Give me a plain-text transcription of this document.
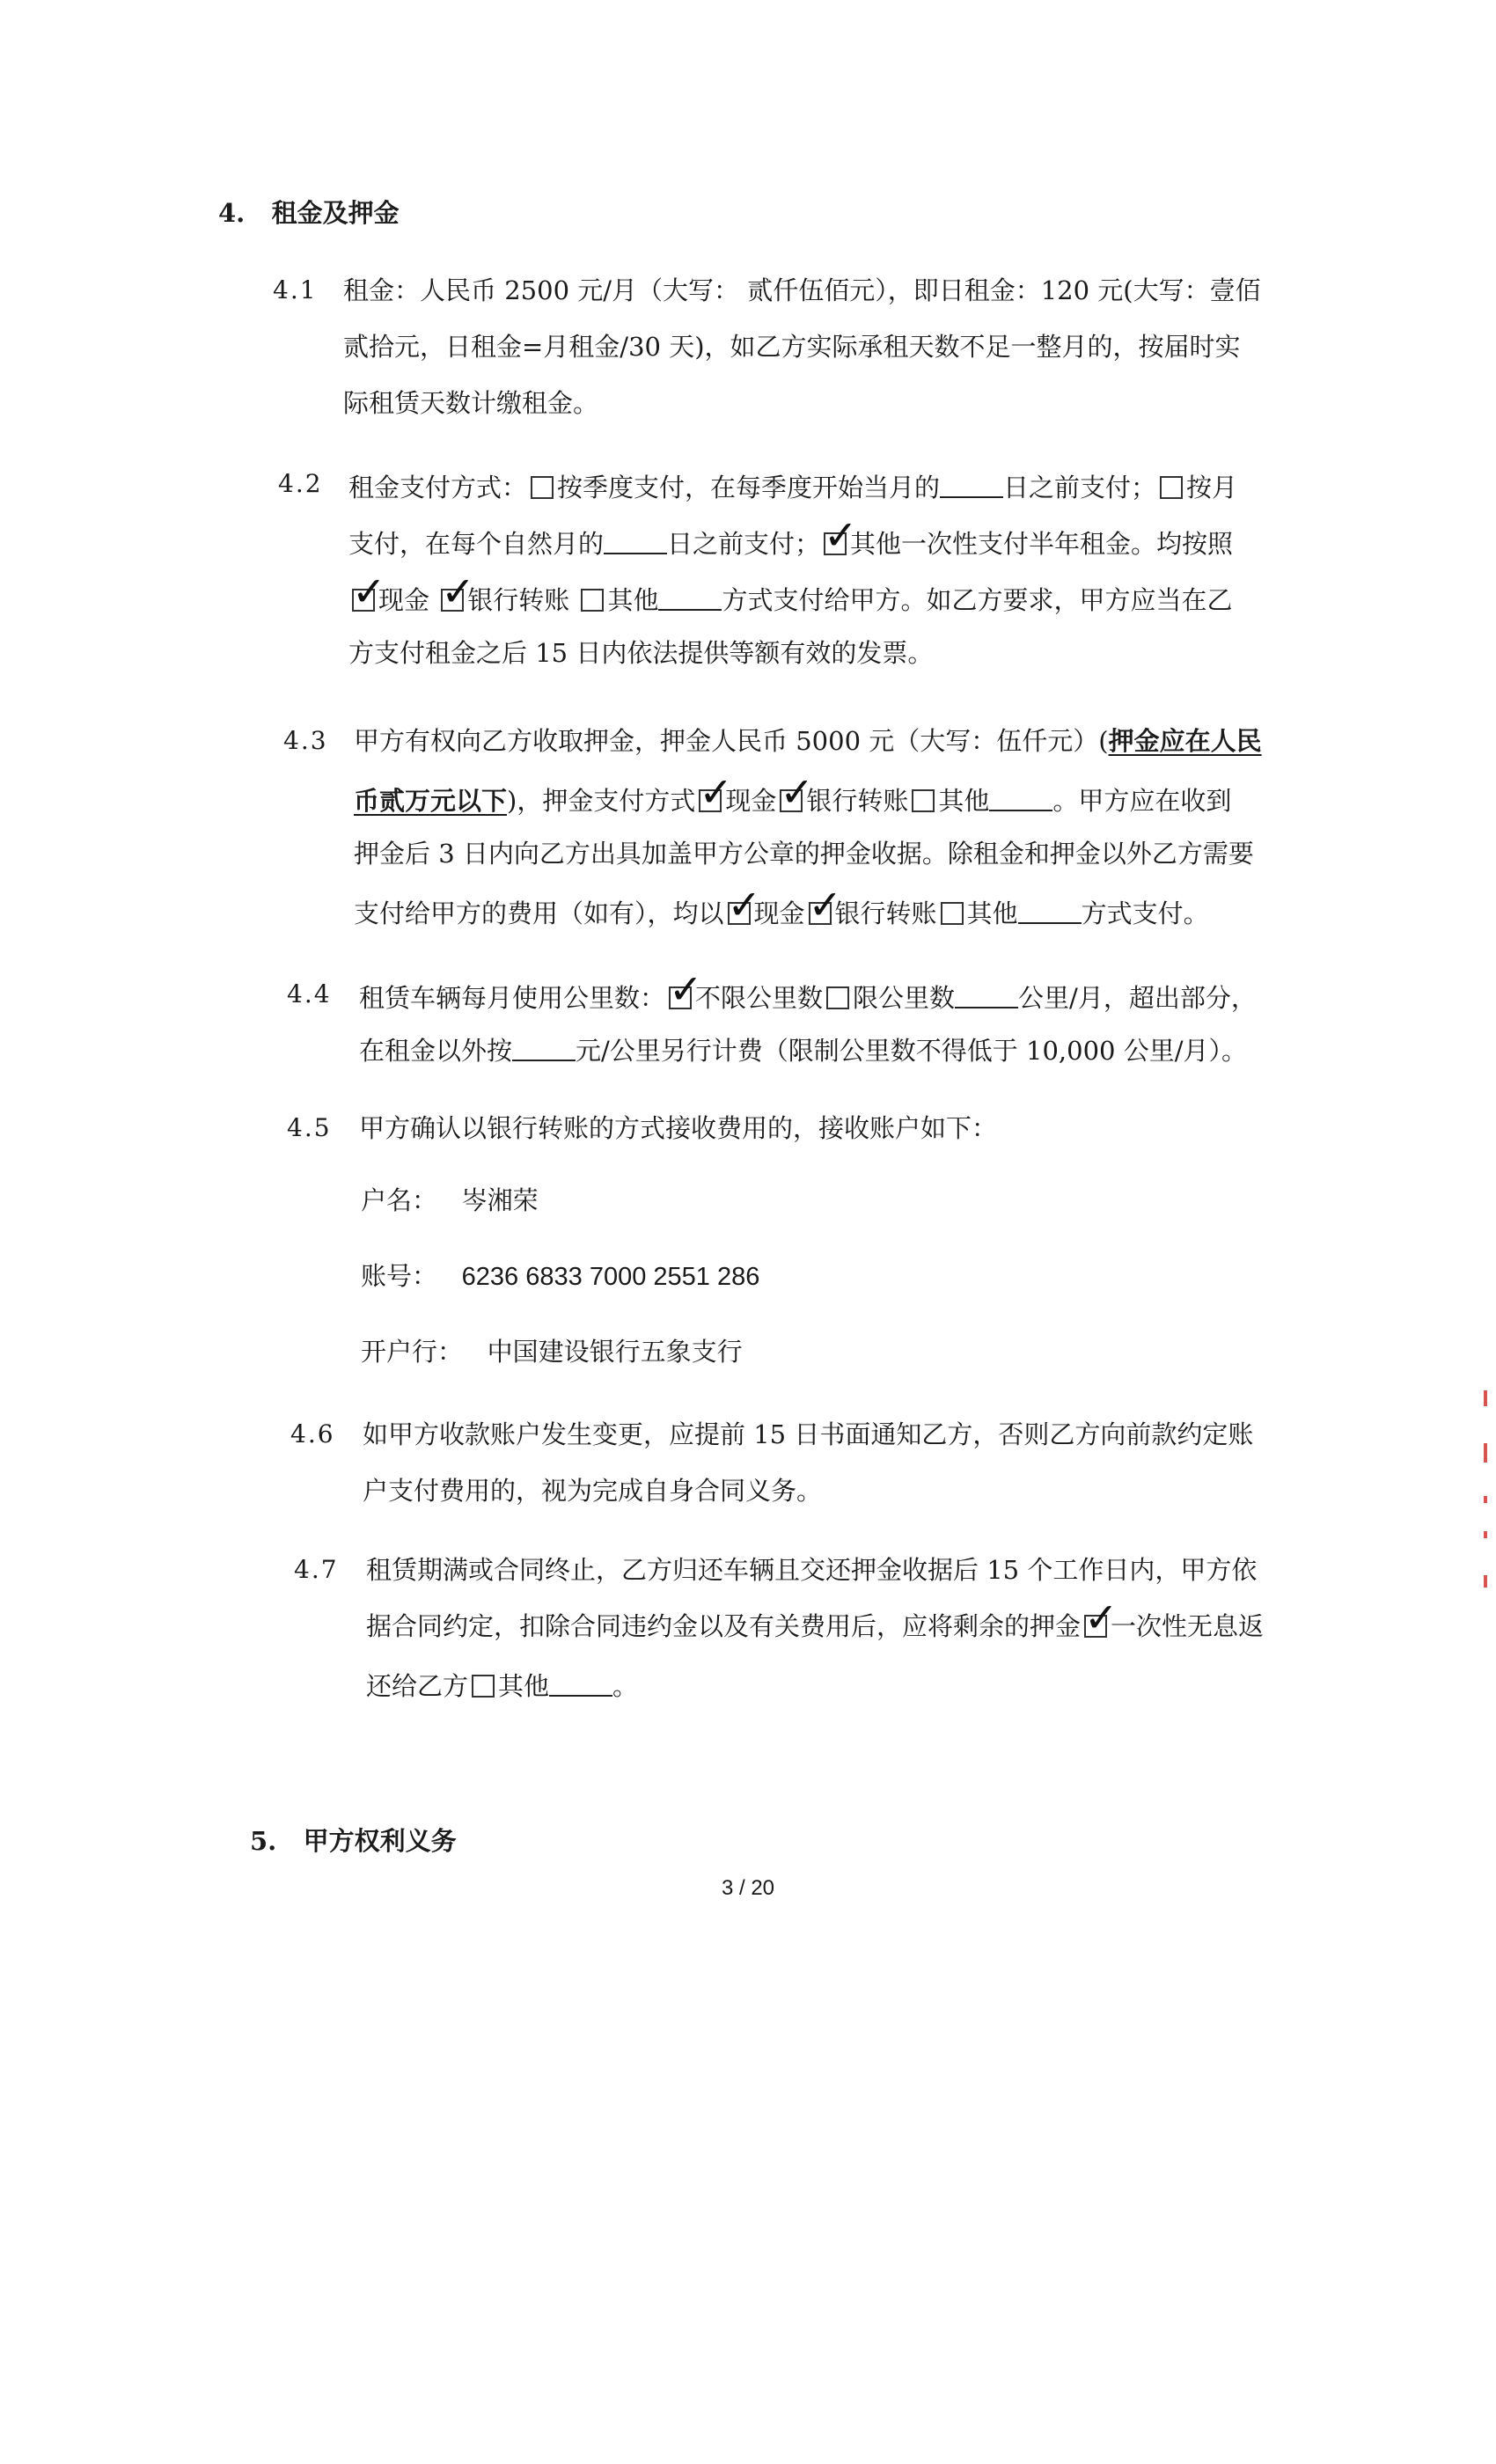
4. 租金及押金
4.1 租金：人民币 2500 元/月（大写： 贰仟伍佰元），即日租金：120 元(大写：壹佰
贰拾元，日租金=月租金/30 天)，如乙方实际承租天数不足一整月的，按届时实
际租赁天数计缴租金。
4.2 租金支付方式： 按季度支付，在每季度开始当月的 日之前支付； 按月
支付，在每个自然月的 日之前支付； ✓
其他一次性支付半年租金。均按照
✓
现金 ✓
银行转账 其他 方式支付给甲方。如乙方要求，甲方应当在乙
方支付租金之后 15 日内依法提供等额有效的发票。
4.3 甲方有权向乙方收取押金，押金人民币 5000 元（大写：伍仟元）(押金应在人民
币贰万元以下)，押金支付方式 ✓
现金 ✓
银行转账 其他 。甲方应在收到
押金后 3 日内向乙方出具加盖甲方公章的押金收据。除租金和押金以外乙方需要
支付给甲方的费用（如有），均以 ✓
现金 ✓
银行转账 其他 方式支付。
4.4 租赁车辆每月使用公里数： ✓
不限公里数 限公里数 公里/月，超出部分，
在租金以外按 元/公里另行计费（限制公里数不得低于 10,000 公里/月）。
4.5 甲方确认以银行转账的方式接收费用的，接收账户如下：
户名： 岑湘荣
账号： 6236 6833 7000 2551 286
开户行： 中国建设银行五象支行
4.6 如甲方收款账户发生变更，应提前 15 日书面通知乙方，否则乙方向前款约定账
户支付费用的，视为完成自身合同义务。
4.7 租赁期满或合同终止，乙方归还车辆且交还押金收据后 15 个工作日内，甲方依
据合同约定，扣除合同违约金以及有关费用后，应将剩余的押金 ✓
一次性无息返
还给乙方 其他 。
5. 甲方权利义务
3 / 20
